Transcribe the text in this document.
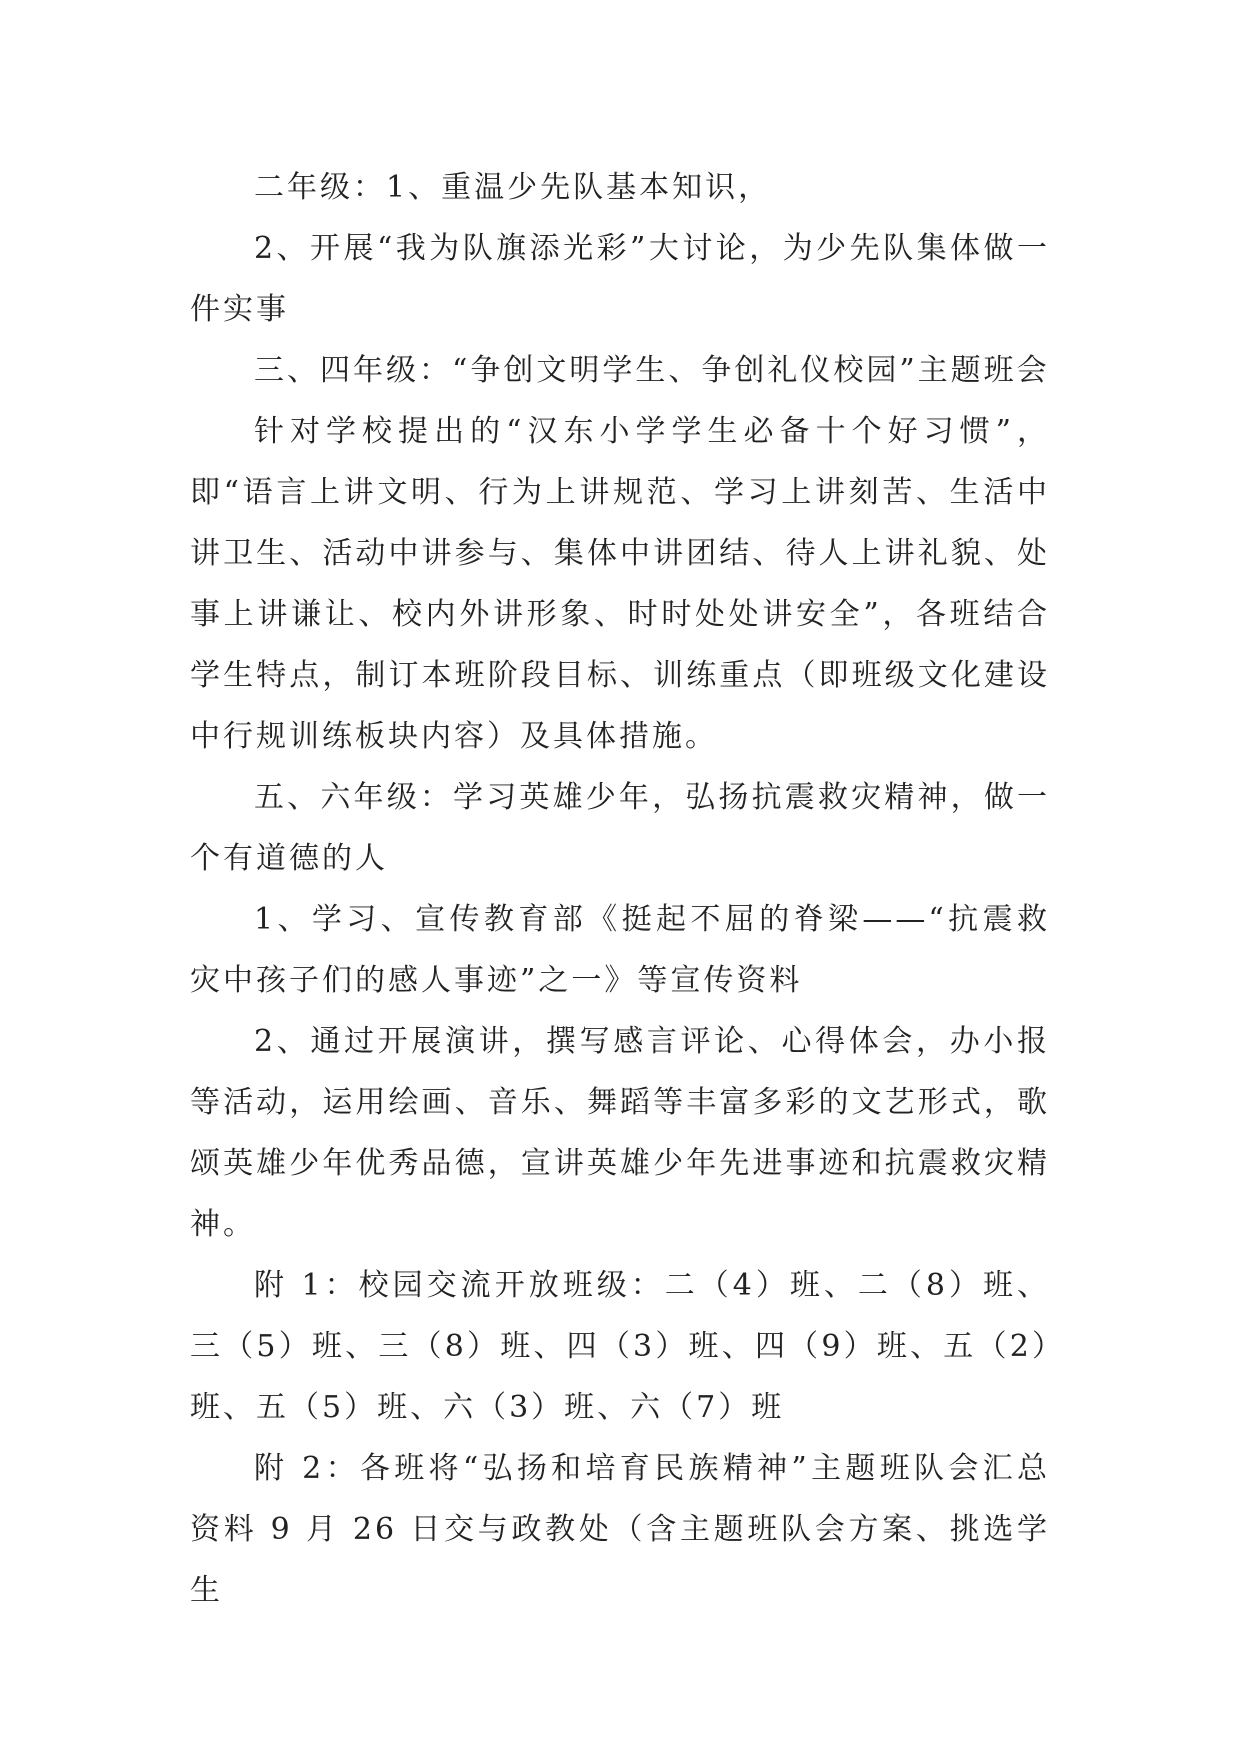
二年级：1、重温少先队基本知识，

2、开展“我为队旗添光彩”大讨论，为少先队集体做一件实事

三、四年级：“争创文明学生、争创礼仪校园”主题班会

针对学校提出的“汉东小学学生必备十个好习惯”，即“语言上讲文明、行为上讲规范、学习上讲刻苦、生活中讲卫生、活动中讲参与、集体中讲团结、待人上讲礼貌、处事上讲谦让、校内外讲形象、时时处处讲安全”，各班结合学生特点，制订本班阶段目标、训练重点（即班级文化建设中行规训练板块内容）及具体措施。

五、六年级：学习英雄少年，弘扬抗震救灾精神，做一个有道德的人

1、学习、宣传教育部《挺起不屈的脊梁——“抗震救灾中孩子们的感人事迹”之一》等宣传资料

2、通过开展演讲，撰写感言评论、心得体会，办小报等活动，运用绘画、音乐、舞蹈等丰富多彩的文艺形式，歌颂英雄少年优秀品德，宣讲英雄少年先进事迹和抗震救灾精神。

附 1：校园交流开放班级：二（4）班、二（8）班、三（5）班、三（8）班、四（3）班、四（9）班、五（2）班、五（5）班、六（3）班、六（7）班

附 2：各班将“弘扬和培育民族精神”主题班队会汇总资料 9 月 26 日交与政教处（含主题班队会方案、挑选学生
